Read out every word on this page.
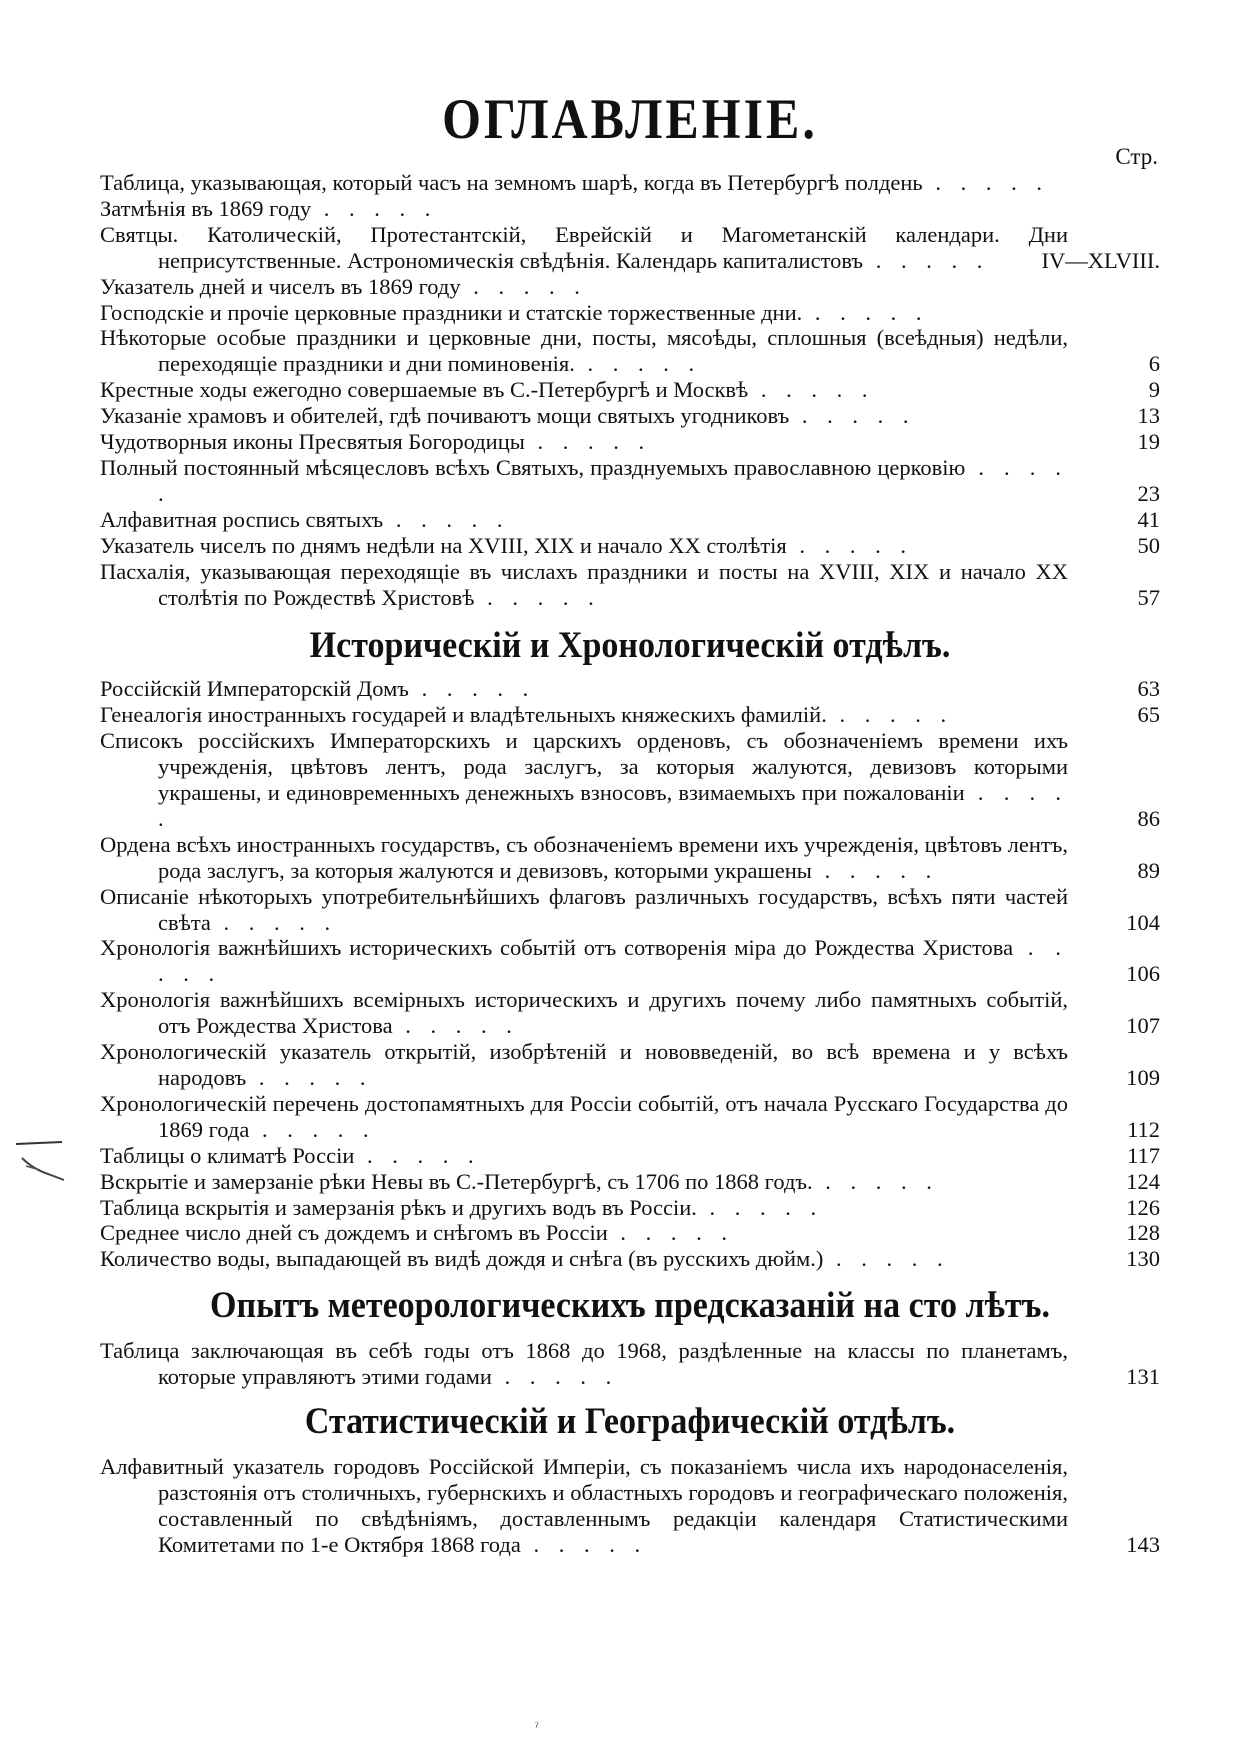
ОГЛАВЛЕНІЕ.
Стр.
Таблица, указывающая, который часъ на земномъ шарѣ, когда въ Петербургѣ полдень . . . . .
Затмѣнія въ 1869 году . . . . .
Святцы. Католическій, Протестантскій, Еврейскій и Магометанскій календари. Дни неприсутственные. Астрономическія свѣдѣнія. Календарь капиталистовъ . . . . .	IV—XLVIII.
Указатель дней и чиселъ въ 1869 году . . . . .
Господскіе и прочіе церковные праздники и статскіе торжественные дни. . . . . .
Нѣкоторые особые праздники и церковные дни, посты, мясоѣды, сплошныя (всеѣдныя) недѣли, переходящіе праздники и дни поминовенія. . . . . .	6
Крестные ходы ежегодно совершаемые въ С.-Петербургѣ и Москвѣ . . . . .	9
Указаніе храмовъ и обителей, гдѣ почиваютъ мощи святыхъ угодниковъ . . . . .	13
Чудотворныя иконы Пресвятыя Богородицы . . . . .	19
Полный постоянный мѣсяцесловъ всѣхъ Святыхъ, празднуемыхъ православною церковію . . . . .	23
Алфавитная роспись святыхъ . . . . .	41
Указатель чиселъ по днямъ недѣли на XVIII, XIX и начало XX столѣтія . . . . .	50
Пасхалія, указывающая переходящіе въ числахъ праздники и посты на XVIII, XIX и начало XX столѣтія по Рождествѣ Христовѣ . . . . .	57
Историческій и Хронологическій отдѣлъ.
Россійскій Императорскій Домъ . . . . .	63
Генеалогія иностранныхъ государей и владѣтельныхъ княжескихъ фамилій. . . . . .	65
Списокъ россійскихъ Императорскихъ и царскихъ орденовъ, съ обозначеніемъ времени ихъ учрежденія, цвѣтовъ лентъ, рода заслугъ, за которыя жалуются, девизовъ которыми украшены, и единовременныхъ денежныхъ взносовъ, взимаемыхъ при пожалованіи . . . . .	86
Ордена всѣхъ иностранныхъ государствъ, съ обозначеніемъ времени ихъ учрежденія, цвѣтовъ лентъ, рода заслугъ, за которыя жалуются и девизовъ, которыми украшены . . . . .	89
Описаніе нѣкоторыхъ употребительнѣйшихъ флаговъ различныхъ государствъ, всѣхъ пяти частей свѣта . . . . .	104
Хронологія важнѣйшихъ историческихъ событій отъ сотворенія міра до Рождества Христова . . . . .	106
Хронологія важнѣйшихъ всемірныхъ историческихъ и другихъ почему либо памятныхъ событій, отъ Рождества Христова . . . . .	107
Хронологическій указатель открытій, изобрѣтеній и нововведеній, во всѣ времена и у всѣхъ народовъ . . . . .	109
Хронологическій перечень достопамятныхъ для Россіи событій, отъ начала Русскаго Государства до 1869 года . . . . .	112
Таблицы о климатѣ Россіи . . . . .	117
Вскрытіе и замерзаніе рѣки Невы въ С.-Петербургѣ, съ 1706 по 1868 годъ. . . . . .	124
Таблица вскрытія и замерзанія рѣкъ и другихъ водъ въ Россіи. . . . . .	126
Среднее число дней съ дождемъ и снѣгомъ въ Россіи . . . . .	128
Количество воды, выпадающей въ видѣ дождя и снѣга (въ русскихъ дюйм.) . . . . .	130
Опытъ метеорологическихъ предсказаній на сто лѣтъ.
Таблица заключающая въ себѣ годы отъ 1868 до 1968, раздѣленные на классы по планетамъ, которые управляютъ этими годами . . . . .	131
Статистическій и Географическій отдѣлъ.
Алфавитный указатель городовъ Россійской Имперіи, съ показаніемъ числа ихъ народонаселенія, разстоянія отъ столичныхъ, губернскихъ и областныхъ городовъ и географическаго положенія, составленный по свѣдѣніямъ, доставленнымъ редакціи календаря Статистическими Комитетами по 1-е Октября 1868 года . . . . .	143
ˀ
